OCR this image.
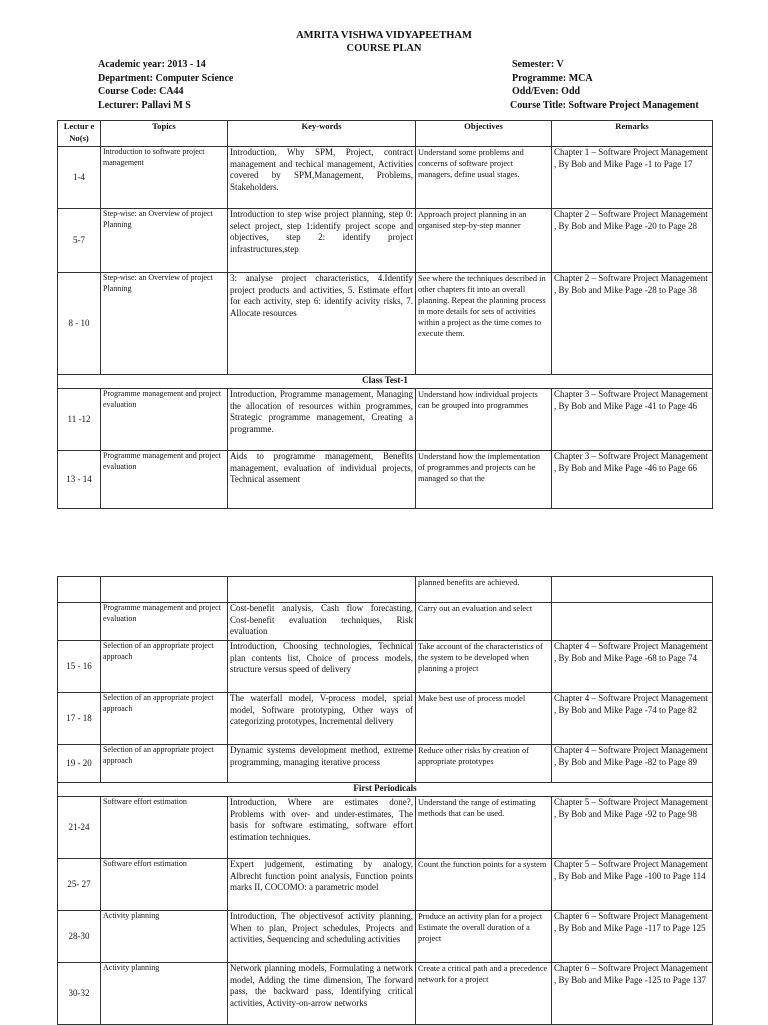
AMRITA VISHWA VIDYAPEETHAM
COURSE PLAN
Academic year: 2013 - 14
Department: Computer Science
Course Code: CA44
Lecturer: Pallavi M S
Semester: V
Programme: MCA
Odd/Even: Odd
Course Title: Software Project Management
Lectur e No(s)	Topics	Key-words	Objectives	Remarks
1-4	Introduction to software project management	Introduction, Why SPM, Project, contract management and techical management, Activities covered by SPM,Management, Problems, Stakeholders.	Understand some problems and concerns of software project managers, define usual stages.	Chapter 1 – Software Project Management , By Bob and Mike Page -1 to Page 17
5-7	Step-wise: an Overview of project Planning	Introduction to step wise project planning, step 0: select project, step 1:identify project scope and objectives, step 2: identify project infrastructures,step	Approach project planning in an organised step-by-step manner	Chapter 2 – Software Project Management , By Bob and Mike Page -20 to Page 28
8 - 10	Step-wise: an Overview of project Planning	3: analyse project characteristics, 4.Identify project products and activities, 5. Estimate effort for each activity, step 6: identify acivity risks, 7. Allocate resources	See where the techniques described in other chapters fit into an overall planning. Repeat the planning process in more details for sets of activities within a project as the time comes to execute them.	Chapter 2 – Software Project Management , By Bob and Mike Page -28 to Page 38
Class Test-1				
11 -12	Programme management and project evaluation	Introduction, Programme management, Managing the allocation of resources within programmes, Strategic programme management, Creating a programme.	Understand how individual projects can be grouped into programmes	Chapter 3 – Software Project Management , By Bob and Mike Page -41 to Page 46
13 - 14	Programme management and project evaluation	Aids to programme management, Benefits management, evaluation of individual projects, Technical assement	Understand how the implementation of programmes and projects can be managed so that the	Chapter 3 – Software Project Management , By Bob and Mike Page -46 to Page 66
			planned benefits are achieved.	
	Programme management and project evaluation	Cost-benefit analysis, Cash flow forecasting, Cost-benefit evaluation techniques, Risk evaluation	Carry out an evaluation and select	
15 - 16	Selection of an appropriate project approach	Introduction, Choosing technologies, Technical plan contents list, Choice of process models, structure versus speed of delivery	Take account of the characteristics of the system to be developed when planning a project	Chapter 4 – Software Project Management , By Bob and Mike Page -68 to Page 74
17 - 18	Selection of an appropriate project approach	The waterfall model, V-process model, sprial model, Software prototyping, Other ways of categorizing prototypes, Incremental delivery	Make best use of process model	Chapter 4 – Software Project Management , By Bob and Mike Page -74 to Page 82
19 - 20	Selection of an appropriate project approach	Dynamic systems development method, extreme programming, managing iterative process	Reduce other risks by creation of appropriate prototypes	Chapter 4 – Software Project Management , By Bob and Mike Page -82 to Page 89
First Periodicals				
21-24	Software effort estimation	Introduction, Where are estimates done?, Problems with over- and under-estimates, The basis for software estimating, software effort estimation techniques.	Understand the range of estimating methods that can be used.	Chapter 5 – Software Project Management , By Bob and Mike Page -92 to Page 98
25- 27	Software effort estimation	Expert judgement, estimating by analogy, Albrecht function point analysis, Function points marks II, COCOMO: a parametric model	Count the function points for a system	Chapter 5 – Software Project Management , By Bob and Mike Page -100 to Page 114
28-30	Activity planning	Introduction, The objectivesof activity planning, When to plan, Project schedules, Projects and activities, Sequencing and scheduling activities	Produce an activity plan for a project Estimate the overall duration of a project	Chapter 6 – Software Project Management , By Bob and Mike Page -117 to Page 125
30-32	Activity planning	Network planning models, Formulating a network model, Adding the time dimension, The forward pass, the backward pass, Identifying critical activities, Activity-on-arrow networks	Create a critical path and a precedence network for a project	Chapter 6 – Software Project Management , By Bob and Mike Page -125 to Page 137
